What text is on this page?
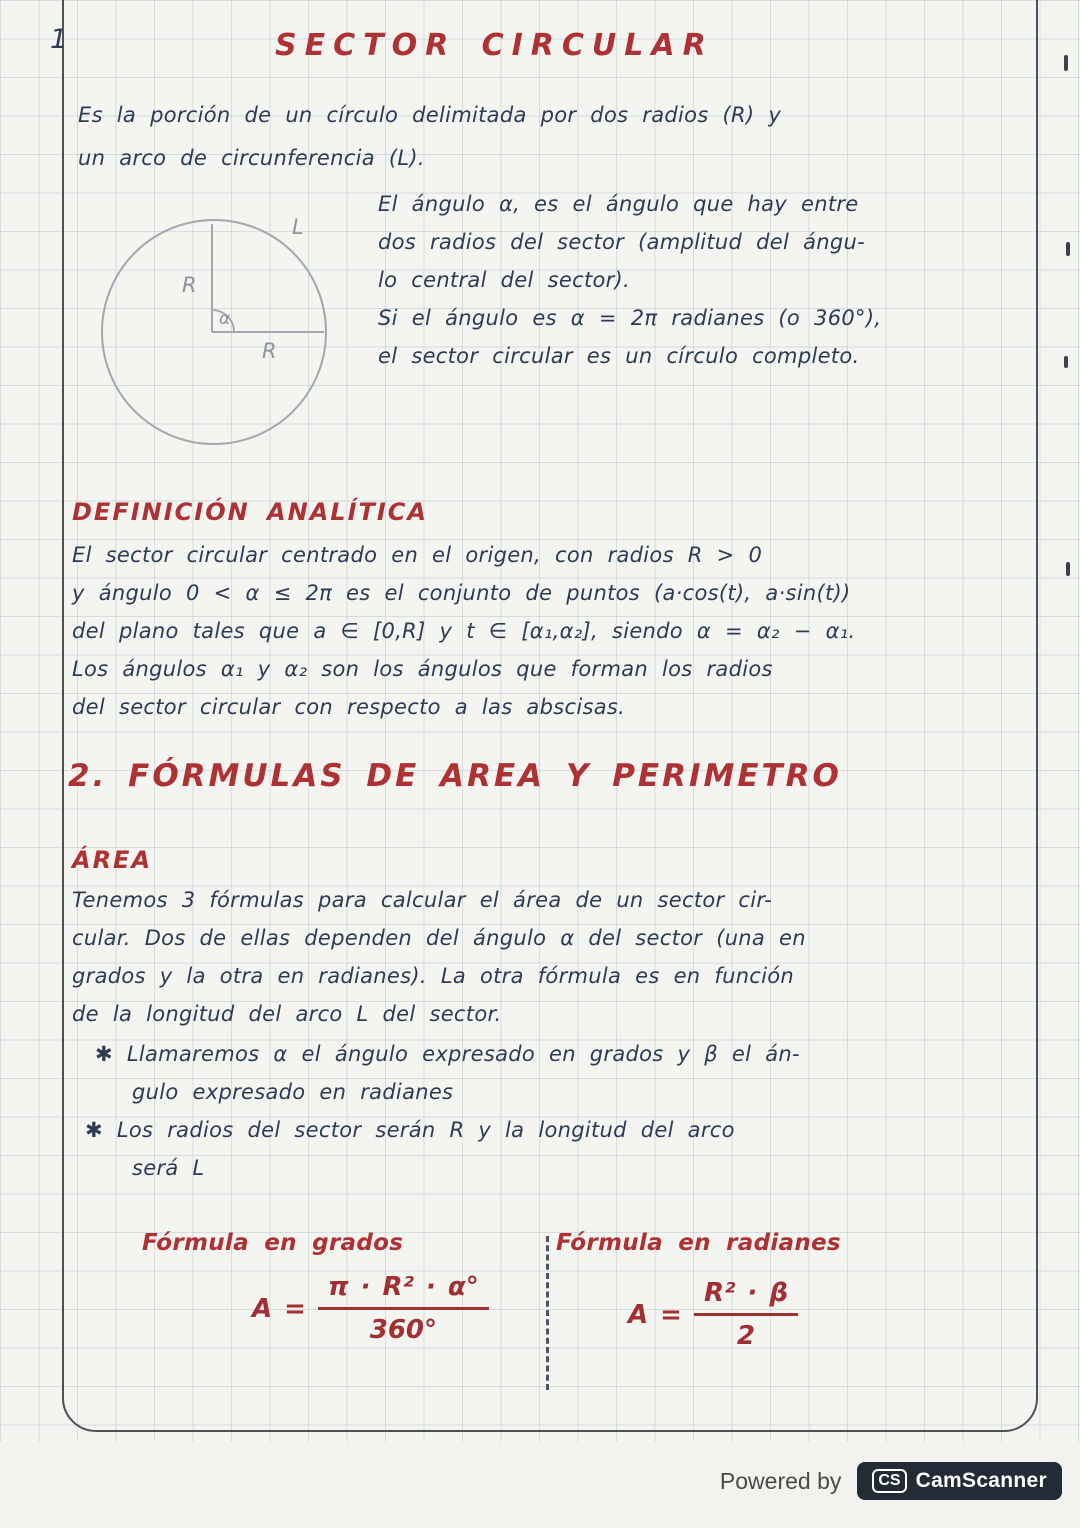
1	SECTOR CIRCULAR
Es la porción de un círculo delimitada por dos radios (R) y
un arco de circunferencia (L).
R
α
R
L
El ángulo α, es el ángulo que hay entre
dos radios del sector (amplitud del ángu-
lo central del sector).
Si el ángulo es α = 2π radianes (o 360°),
el sector circular es un círculo completo.
DEFINICIÓN ANALÍTICA
El sector circular centrado en el origen, con radios R > 0
y ángulo 0 < α ≤ 2π es el conjunto de puntos (a·cos(t), a·sin(t))
del plano tales que a ∈ [0,R] y t ∈ [α₁,α₂], siendo α = α₂ − α₁.
Los ángulos α₁ y α₂ son los ángulos que forman los radios
del sector circular con respecto a las abscisas.
2. FÓRMULAS DE AREA Y PERIMETRO
ÁREA
Tenemos 3 fórmulas para calcular el área de un sector cir-
cular. Dos de ellas dependen del ángulo α del sector (una en
grados y la otra en radianes). La otra fórmula es en función
de la longitud del arco L del sector.
✱ Llamaremos α el ángulo expresado en grados y β el án-
gulo expresado en radianes
✱ Los radios del sector serán R y la longitud del arco
será L
Fórmula en grados	Fórmula en radianes
$A = \frac{\text{π · R² · α°}}{360^\circ}$	$A = \frac{\text{R² · β}}{2}$
Powered by	CS CamScanner
